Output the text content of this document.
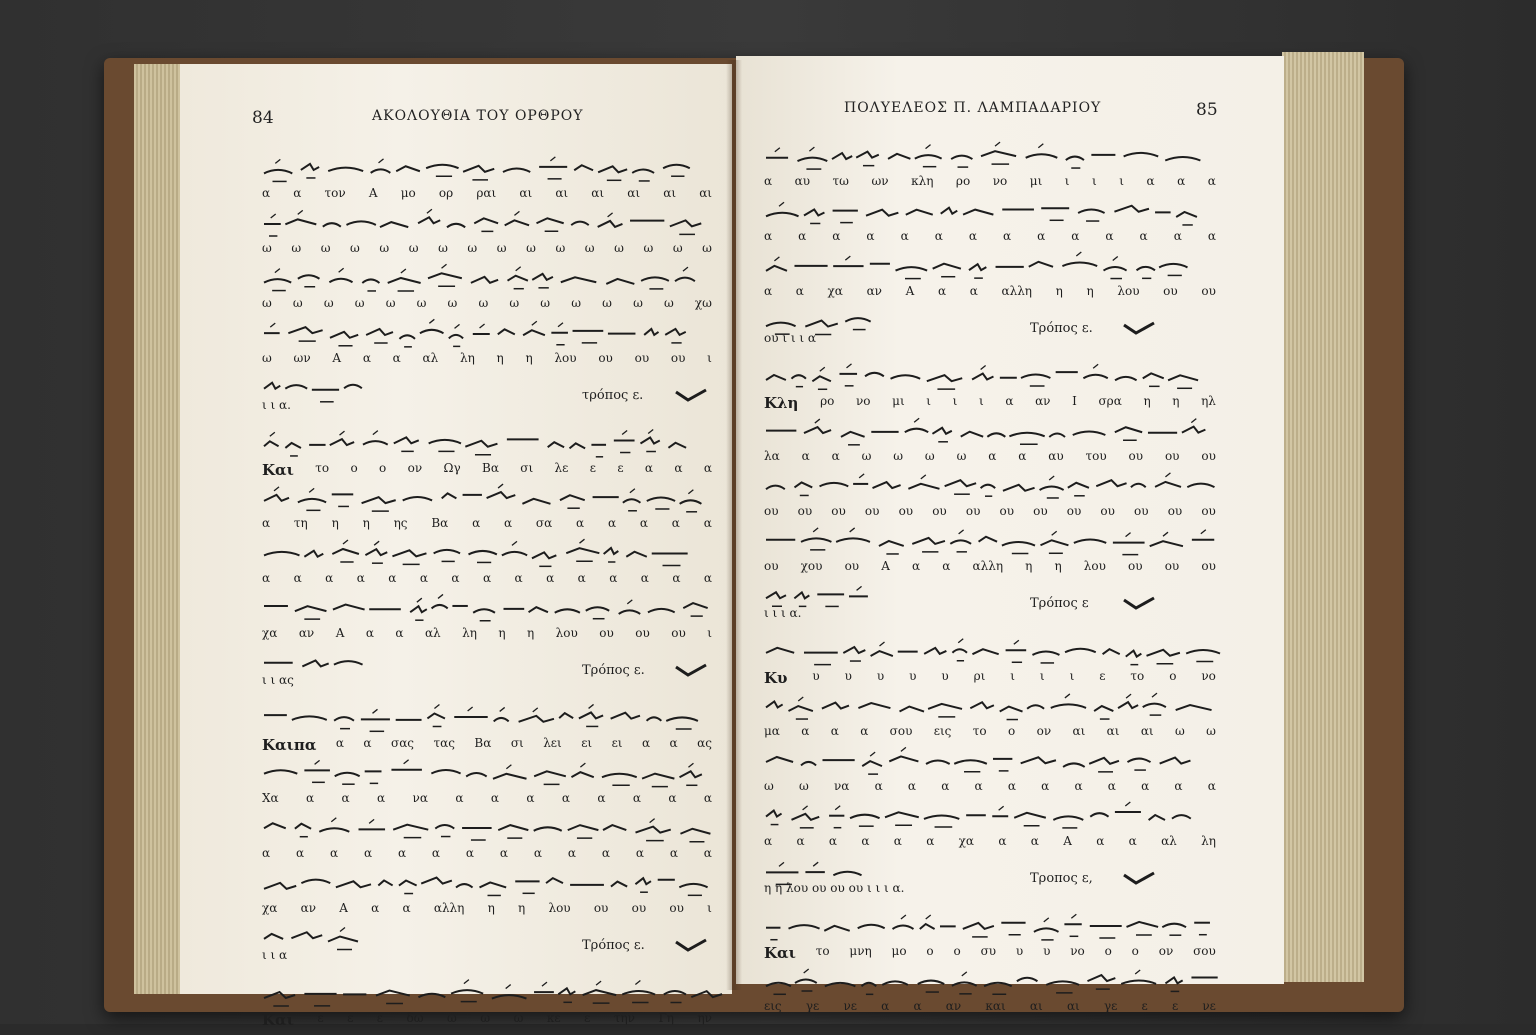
84	ΑΚΟΛΟΥΘΙΑ ΤΟΥ ΟΡΘΡΟΥ
α α τον Α μο ορ ραι αι αι αι αι αι αι
ω ω ω ω ω ω ω ω ω ω ω ω ω ω ω ω
ω ω ω ω ω ω ω ω ω ω ω ω ω ω χω
ω ων Α α α αλ λη η η λου ου ου ου ι
ι ι α.
τρόπος ε.
Και το ο ο ον Ωγ Βα σι λε ε ε α α α
α τη η η ης Βα α α σα α α α α α
α α α α α α α α α α α α α α α
χα αν Α α α αλ λη η η λου ου ου ου ι
ι ι ας
Τρόπος ε.
Καιπα α α σας τας Βα σι λει ει ει α α ας
Χα α α α να α α α α α α α α
α α α α α α α α α α α α α α
χα αν Α α α αλλη η η λου ου ου ου ι
ι ι α
Τρόπος ε.
Και ε ε ε δω ω ω ω κε ε την Γη ην
ΠΟΛΥΕΛΕΟΣ Π. ΛΑΜΠΑΔΑΡΙΟΥ	85
α αυ τω ων κλη ρο νο μι ι ι ι α α α
α α α α α α α α α α α α α α
α α χα αν Α α α αλλη η η λου ου ου
ου ι ι ι α
Τρόπος ε.
Κλη ρο νο μι ι ι ι α αν Ι σρα η η ηλ
λα α α ω ω ω ω α α αυ του ου ου ου
ου ου ου ου ου ου ου ου ου ου ου ου ου ου
ου χου ου Α α α αλλη η η λου ου ου ου
ι ι ι α.
Τρόπος ε
Κυ υ υ υ υ υ ρι ι ι ι ε το ο νο
μα α α α σου εις το ο ον αι αι αι ω ω
ω ω να α α α α α α α α α α α
α α α α α α χα α α Α α α αλ λη
η η λου ου ου ου ι ι ι α.
Τροπος ε,
Και το μνη μο ο ο συ υ υ νο ο ο ον σου
εις γε νε α α αν και αι αι γε ε ε νε
